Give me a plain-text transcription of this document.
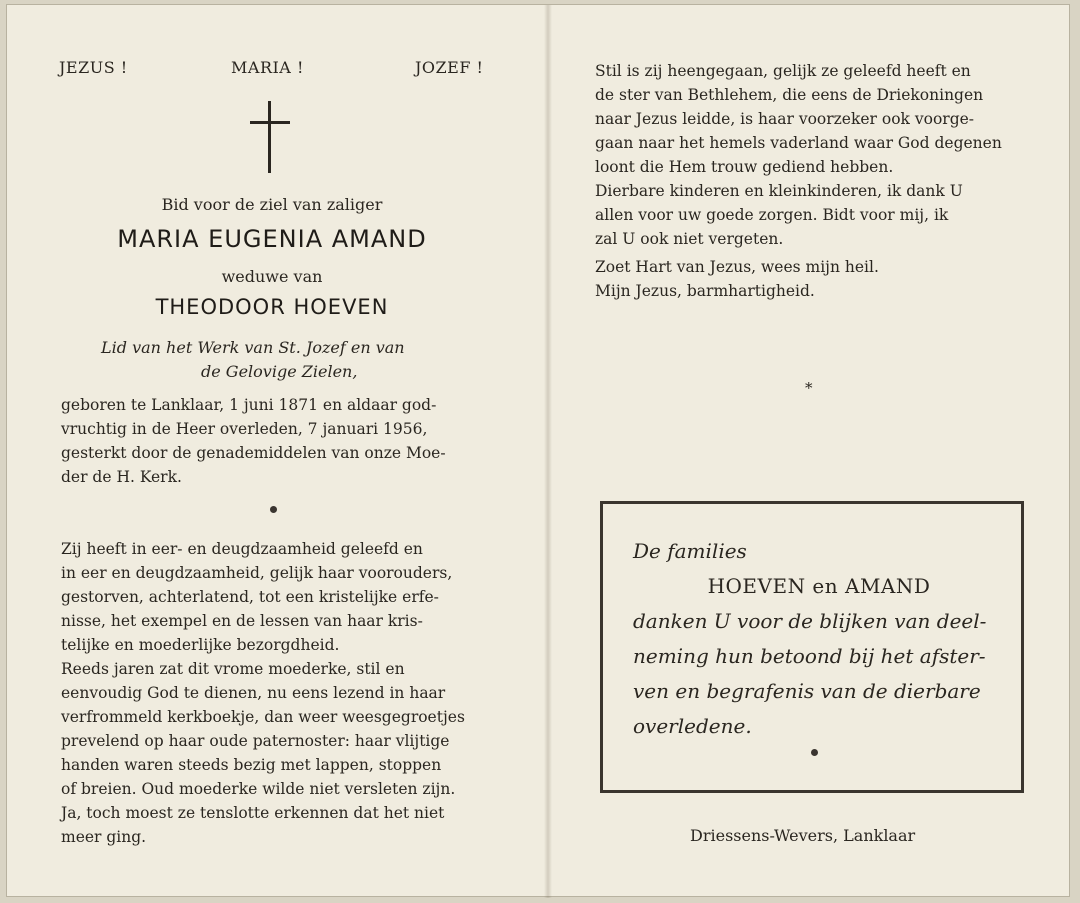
JEZUS !	MARIA !	JOZEF !
Bid voor de ziel van zaliger
MARIA EUGENIA AMAND
weduwe van
THEODOOR HOEVEN
Lid van het Werk van St. Jozef en van
de Gelovige Zielen,
geboren te Lanklaar, 1 juni 1871 en aldaar god-
vruchtig in de Heer overleden, 7 januari 1956,
gesterkt door de genademiddelen van onze Moe-
der de H. Kerk.
Zij heeft in eer- en deugdzaamheid geleefd en
in eer en deugdzaamheid, gelijk haar voorouders,
gestorven, achterlatend, tot een kristelijke erfe-
nisse, het exempel en de lessen van haar kris-
telijke en moederlijke bezorgdheid.
Reeds jaren zat dit vrome moederke, stil en
eenvoudig God te dienen, nu eens lezend in haar
verfrommeld kerkboekje, dan weer weesgegroetjes
prevelend op haar oude paternoster: haar vlijtige
handen waren steeds bezig met lappen, stoppen
of breien. Oud moederke wilde niet versleten zijn.
Ja, toch moest ze tenslotte erkennen dat het niet
meer ging.
Stil is zij heengegaan, gelijk ze geleefd heeft en
de ster van Bethlehem, die eens de Driekoningen
naar Jezus leidde, is haar voorzeker ook voorge-
gaan naar het hemels vaderland waar God degenen
loont die Hem trouw gediend hebben.
Dierbare kinderen en kleinkinderen, ik dank U
allen voor uw goede zorgen. Bidt voor mij, ik
zal U ook niet vergeten.
Zoet Hart van Jezus, wees mijn heil.
Mijn Jezus, barmhartigheid.
*
De families
HOEVEN en AMAND
danken U voor de blijken van deel-
neming hun betoond bij het afster-
ven en begrafenis van de dierbare
overledene.
Driessens-Wevers, Lanklaar
